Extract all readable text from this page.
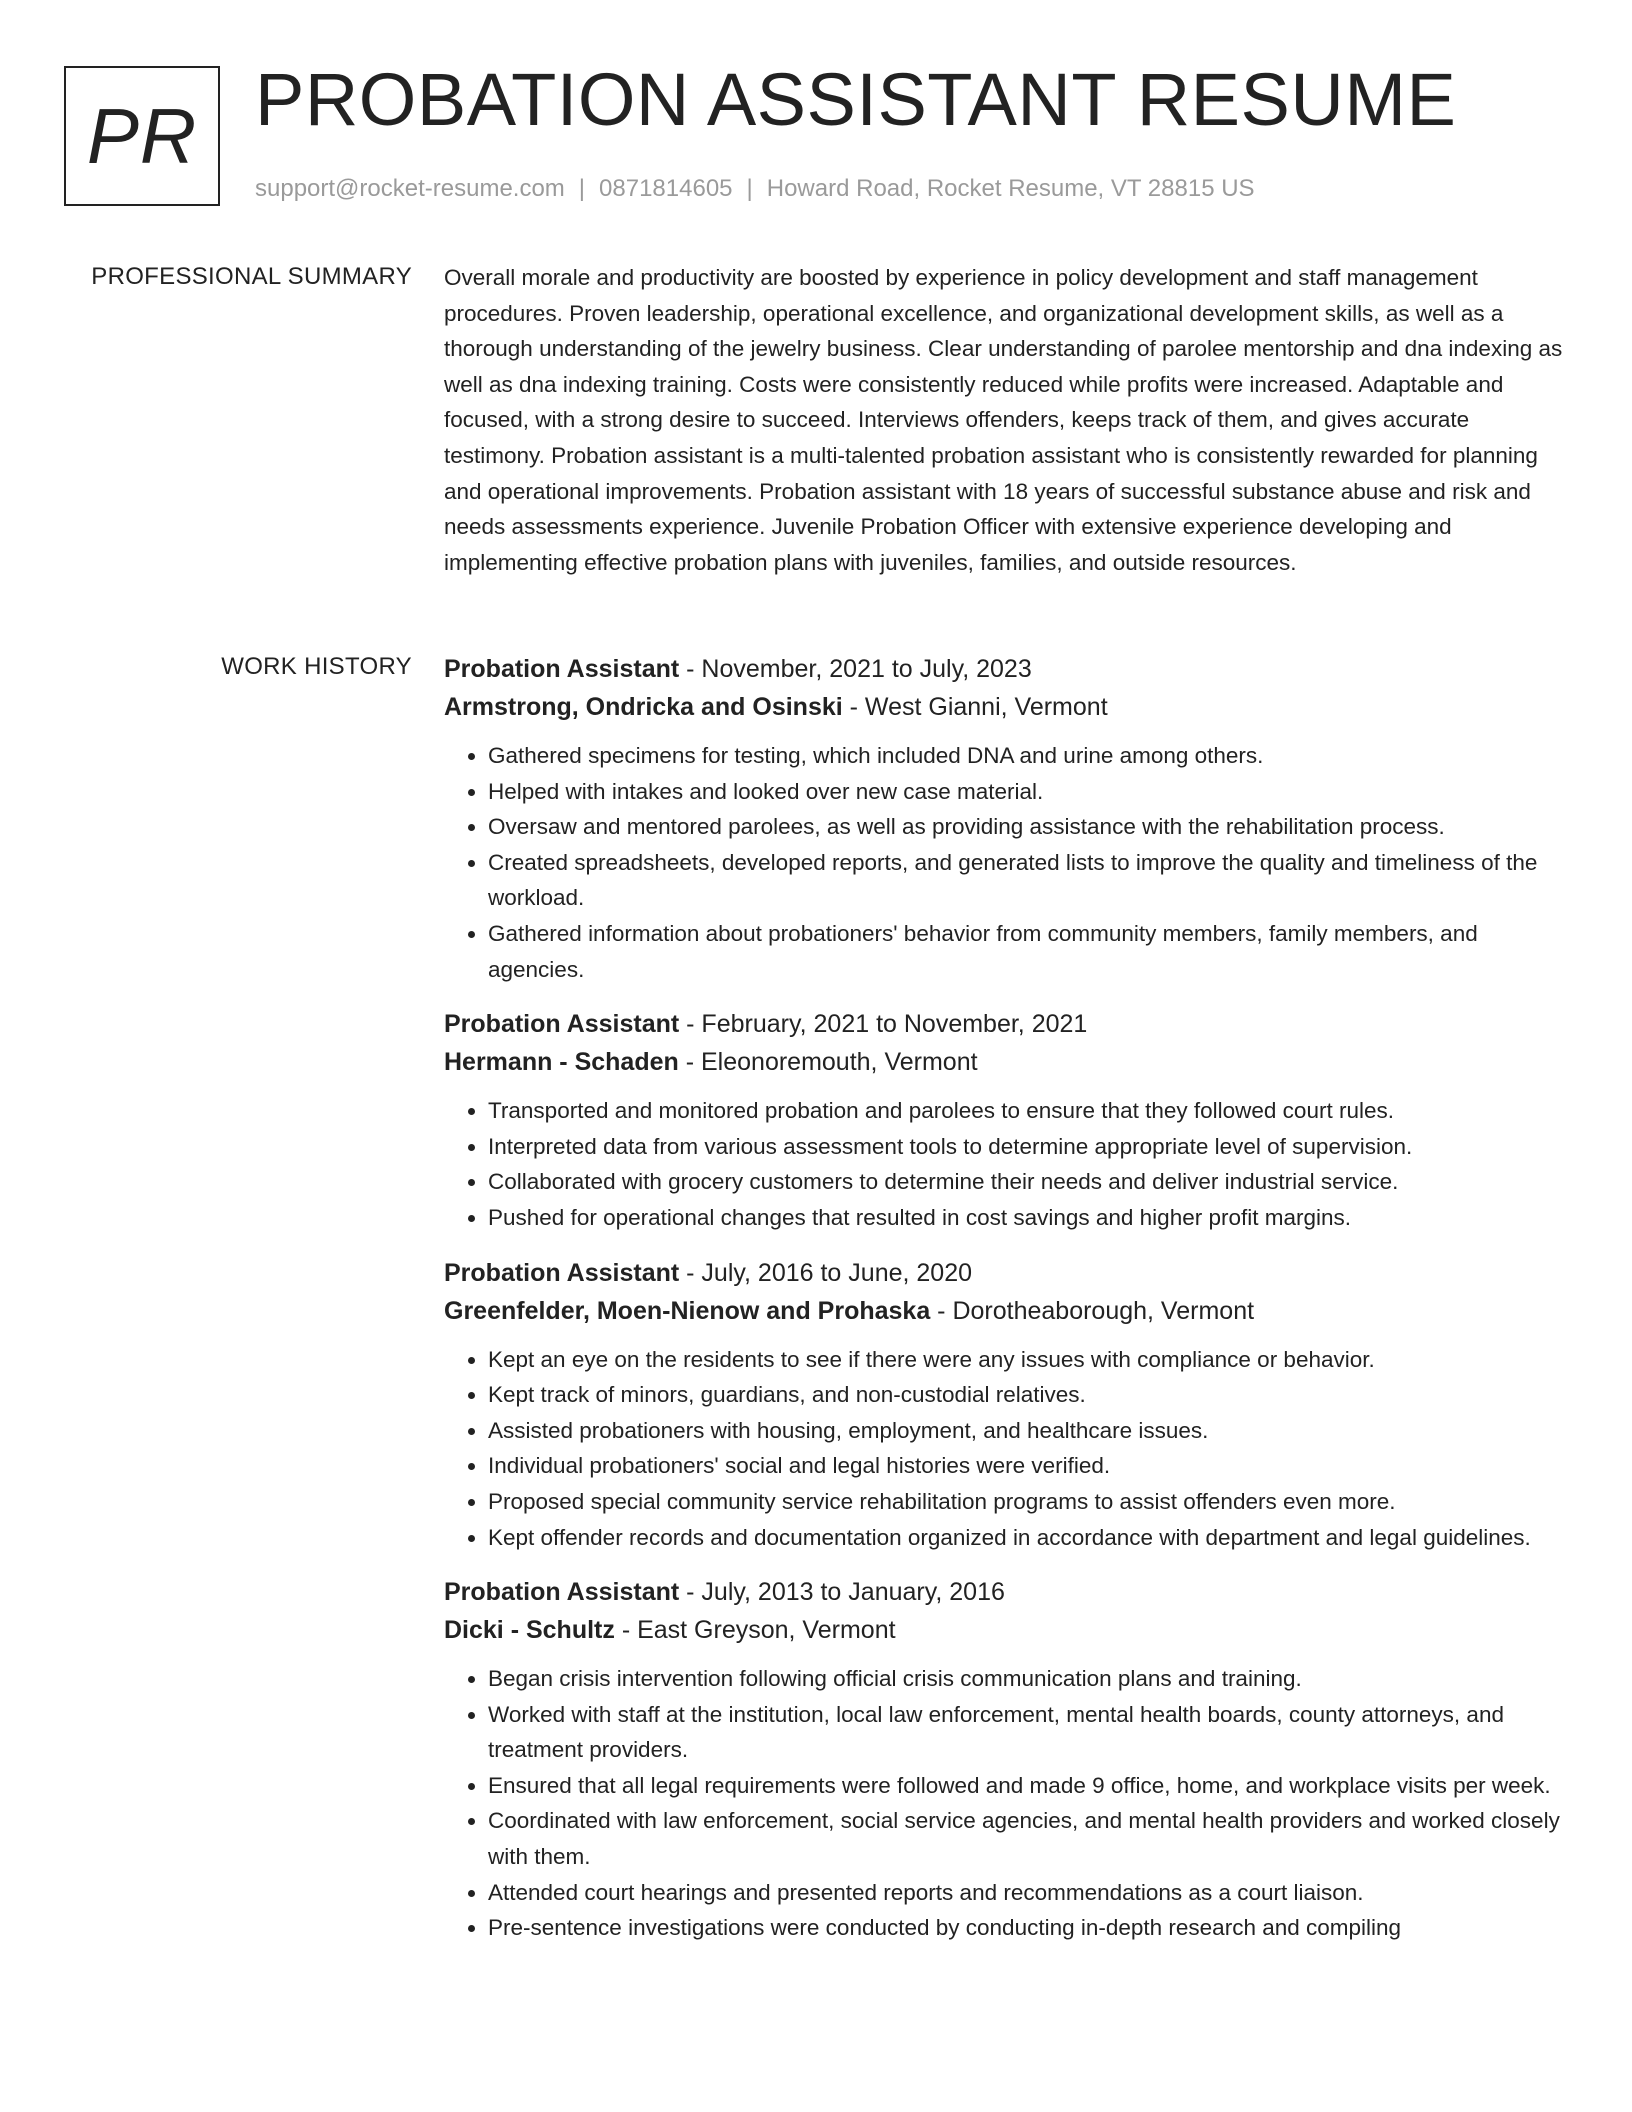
PR PROBATION ASSISTANT RESUME
support@rocket-resume.com | 0871814605 | Howard Road, Rocket Resume, VT 28815 US
PROFESSIONAL SUMMARY Overall morale and productivity are boosted by experience in policy development and staff management procedures. Proven leadership, operational excellence, and organizational development skills, as well as a thorough understanding of the jewelry business. Clear understanding of parolee mentorship and dna indexing as well as dna indexing training. Costs were consistently reduced while profits were increased. Adaptable and focused, with a strong desire to succeed. Interviews offenders, keeps track of them, and gives accurate testimony. Probation assistant is a multi-talented probation assistant who is consistently rewarded for planning and operational improvements. Probation assistant with 18 years of successful substance abuse and risk and needs assessments experience. Juvenile Probation Officer with extensive experience developing and implementing effective probation plans with juveniles, families, and outside resources.

WORK HISTORY Probation Assistant - November, 2021 to July, 2023
Armstrong, Ondricka and Osinski - West Gianni, Vermont
• Gathered specimens for testing, which included DNA and urine among others.
• Helped with intakes and looked over new case material.
• Oversaw and mentored parolees, as well as providing assistance with the rehabilitation process.
• Created spreadsheets, developed reports, and generated lists to improve the quality and timeliness of the workload.
• Gathered information about probationers' behavior from community members, family members, and agencies.
Probation Assistant - February, 2021 to November, 2021
Hermann - Schaden - Eleonoremouth, Vermont
• Transported and monitored probation and parolees to ensure that they followed court rules.
• Interpreted data from various assessment tools to determine appropriate level of supervision.
• Collaborated with grocery customers to determine their needs and deliver industrial service.
• Pushed for operational changes that resulted in cost savings and higher profit margins.
Probation Assistant - July, 2016 to June, 2020
Greenfelder, Moen-Nienow and Prohaska - Dorotheaborough, Vermont
• Kept an eye on the residents to see if there were any issues with compliance or behavior.
• Kept track of minors, guardians, and non-custodial relatives.
• Assisted probationers with housing, employment, and healthcare issues.
• Individual probationers' social and legal histories were verified.
• Proposed special community service rehabilitation programs to assist offenders even more.
• Kept offender records and documentation organized in accordance with department and legal guidelines.
Probation Assistant - July, 2013 to January, 2016
Dicki - Schultz - East Greyson, Vermont
• Began crisis intervention following official crisis communication plans and training.
• Worked with staff at the institution, local law enforcement, mental health boards, county attorneys, and treatment providers.
• Ensured that all legal requirements were followed and made 9 office, home, and workplace visits per week.
• Coordinated with law enforcement, social service agencies, and mental health providers and worked closely with them.
• Attended court hearings and presented reports and recommendations as a court liaison.
• Pre-sentence investigations were conducted by conducting in-depth research and compiling
